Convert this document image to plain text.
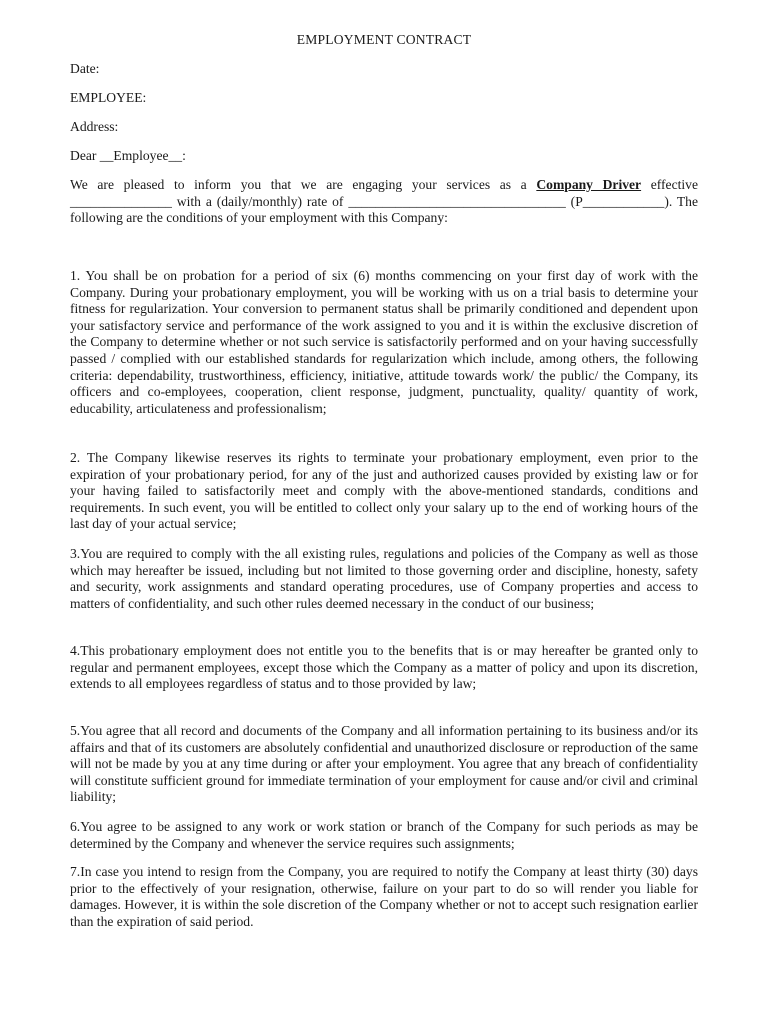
EMPLOYMENT CONTRACT
Date:
EMPLOYEE:
Address:
Dear __Employee__:
We are pleased to inform you that we are engaging your services as a Company Driver effective _______________ with a (daily/monthly) rate of ________________________________ (P____________). The following are the conditions of your employment with this Company:
1. You shall be on probation for a period of six (6) months commencing on your first day of work with the Company. During your probationary employment, you will be working with us on a trial basis to determine your fitness for regularization. Your conversion to permanent status shall be primarily conditioned and dependent upon your satisfactory service and performance of the work assigned to you and it is within the exclusive discretion of the Company to determine whether or not such service is satisfactorily performed and on your having successfully passed / complied with our established standards for regularization which include, among others, the following criteria: dependability, trustworthiness, efficiency, initiative, attitude towards work/ the public/ the Company, its officers and co-employees, cooperation, client response, judgment, punctuality, quality/ quantity of work, educability, articulateness and professionalism;
2. The Company likewise reserves its rights to terminate your probationary employment, even prior to the expiration of your probationary period, for any of the just and authorized causes provided by existing law or for your having failed to satisfactorily meet and comply with the above-mentioned standards, conditions and requirements. In such event, you will be entitled to collect only your salary up to the end of working hours of the last day of your actual service;
3.You are required to comply with the all existing rules, regulations and policies of the Company as well as those which may hereafter be issued, including but not limited to those governing order and discipline, honesty, safety and security, work assignments and standard operating procedures, use of Company properties and access to matters of confidentiality, and such other rules deemed necessary in the conduct of our business;
4.This probationary employment does not entitle you to the benefits that is or may hereafter be granted only to regular and permanent employees, except those which the Company as a matter of policy and upon its discretion, extends to all employees regardless of status and to those provided by law;
5.You agree that all record and documents of the Company and all information pertaining to its business and/or its affairs and that of its customers are absolutely confidential and unauthorized disclosure or reproduction of the same will not be made by you at any time during or after your employment. You agree that any breach of confidentiality will constitute sufficient ground for immediate termination of your employment for cause and/or civil and criminal liability;
6.You agree to be assigned to any work or work station or branch of the Company for such periods as may be determined by the Company and whenever the service requires such assignments;
7.In case you intend to resign from the Company, you are required to notify the Company at least thirty (30) days prior to the effectively of your resignation, otherwise, failure on your part to do so will render you liable for damages. However, it is within the sole discretion of the Company whether or not to accept such resignation earlier than the expiration of said period.
